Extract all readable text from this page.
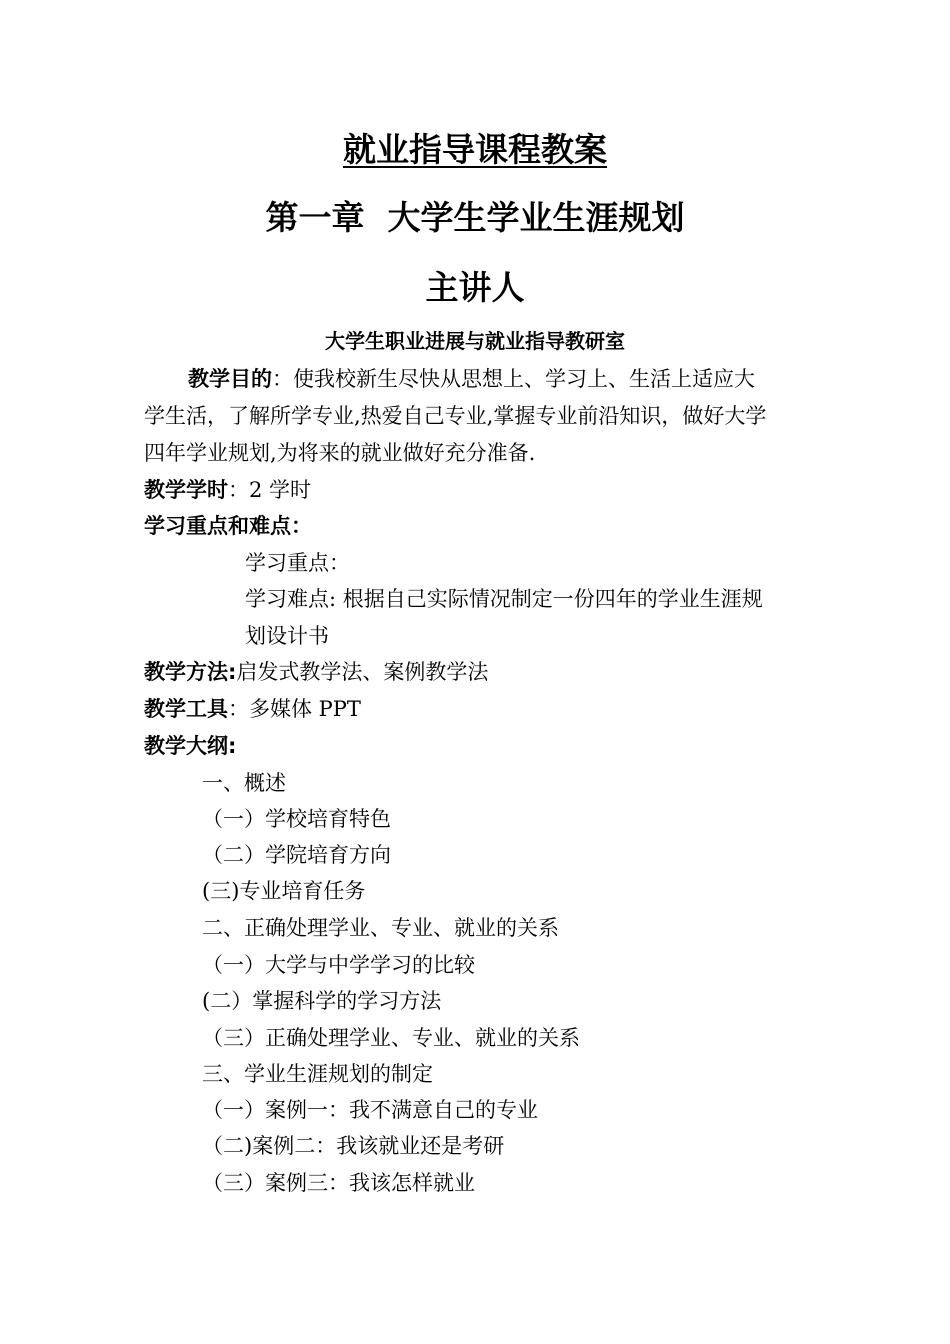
就业指导课程教案
第一章  大学生学业生涯规划
主讲人
大学生职业进展与就业指导教研室
教学目的：使我校新生尽快从思想上、学习上、生活上适应大
学生活，了解所学专业,热爱自己专业,掌握专业前沿知识，做好大学
四年学业规划,为将来的就业做好充分准备.
教学学时：2 学时
学习重点和难点：
学习重点：
学习难点: 根据自己实际情况制定一份四年的学业生涯规
划设计书
教学方法:启发式教学法、案例教学法
教学工具：多媒体 PPT
教学大纲:
一、概述
（一）学校培育特色
（二）学院培育方向
(三)专业培育任务
二、正确处理学业、专业、就业的关系
（一）大学与中学学习的比较
(二）掌握科学的学习方法
（三）正确处理学业、专业、就业的关系
三、学业生涯规划的制定
（一）案例一：我不满意自己的专业
（二)案例二：我该就业还是考研
（三）案例三：我该怎样就业
